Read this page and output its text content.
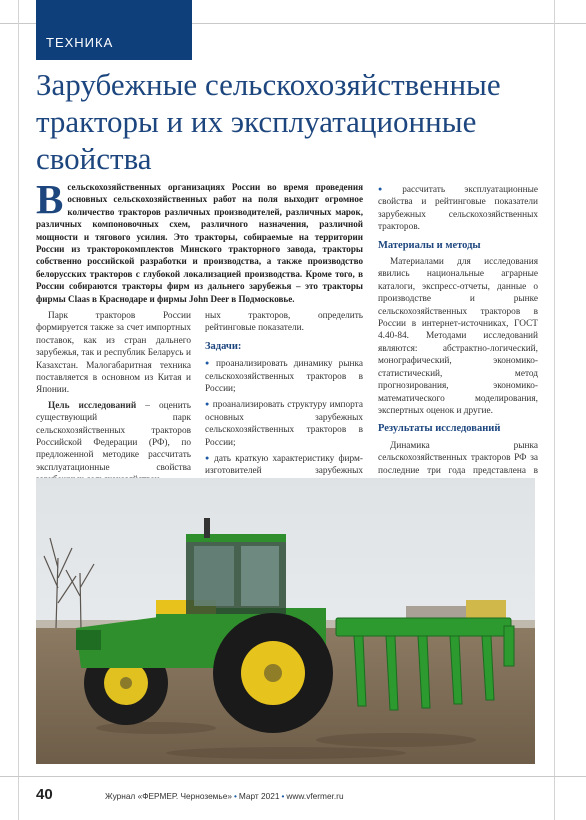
ТЕХНИКА
Зарубежные сельскохозяйственные тракторы и их эксплуатационные свойства

Всельскохозяйственных организациях России во время проведения основных сельскохозяйственных работ на поля выходит огромное количество тракторов различных производителей, различных марок, различных компоновочных схем, различного назначения, различной мощности и тягового усилия. Это тракторы, собираемые на территории России из тракторокомплектов Минского тракторного завода, тракторы собственно российской разработки и производства, а также производство белорусских тракторов с глубокой локализацией производства. Кроме того, в России собираются тракторы фирм из дальнего зарубежья – это тракторы фирмы Claas в Краснодаре и фирмы John Deer в Подмосковье.

Парк тракторов России формируется также за счет импортных поставок, как из стран дальнего зарубежья, так и республик Беларусь и Казахстан. Малогабаритная техника поставляется в основном из Китая и Японии.

Цель исследований – оценить существующий парк сельскохозяйственных тракторов Российской Федерации (РФ), по предложенной методике рассчитать эксплуатационные свойства

ных тракторов, определить рейтинговые показатели.

Задачи:

● проанализировать динамику рынка сельскохозяйственных тракторов в России;

● проанализировать структуру импорта основных зарубежных сельскохозяйственных тракторов в России;

● дать краткую характеристику фирм-изготовителей зарубежных

● рассчитать эксплуатационные свойства и рейтинговые показатели зарубежных сельскохозяйственных тракторов.

Материалы и методы

Материалами для исследования явились национальные аграрные каталоги, экспресс-отчеты, данные о производстве и рынке сельскохозяйственных тракторов в России в интернет-источниках, ГОСТ 4.40-84. Методами исследований являются: абстрактно-логический, монографический, экономико-статистический, метод прогнозирования, экономико-математического моделирования, экспертных оценок и другие.

Результаты исследований

Динамика рынка сельскохозяйственных тракторов РФ за последние три года представлена в

40	Журнал «ФЕРМЕР. Черноземье» • Март 2021 • www.vfermer.ru
